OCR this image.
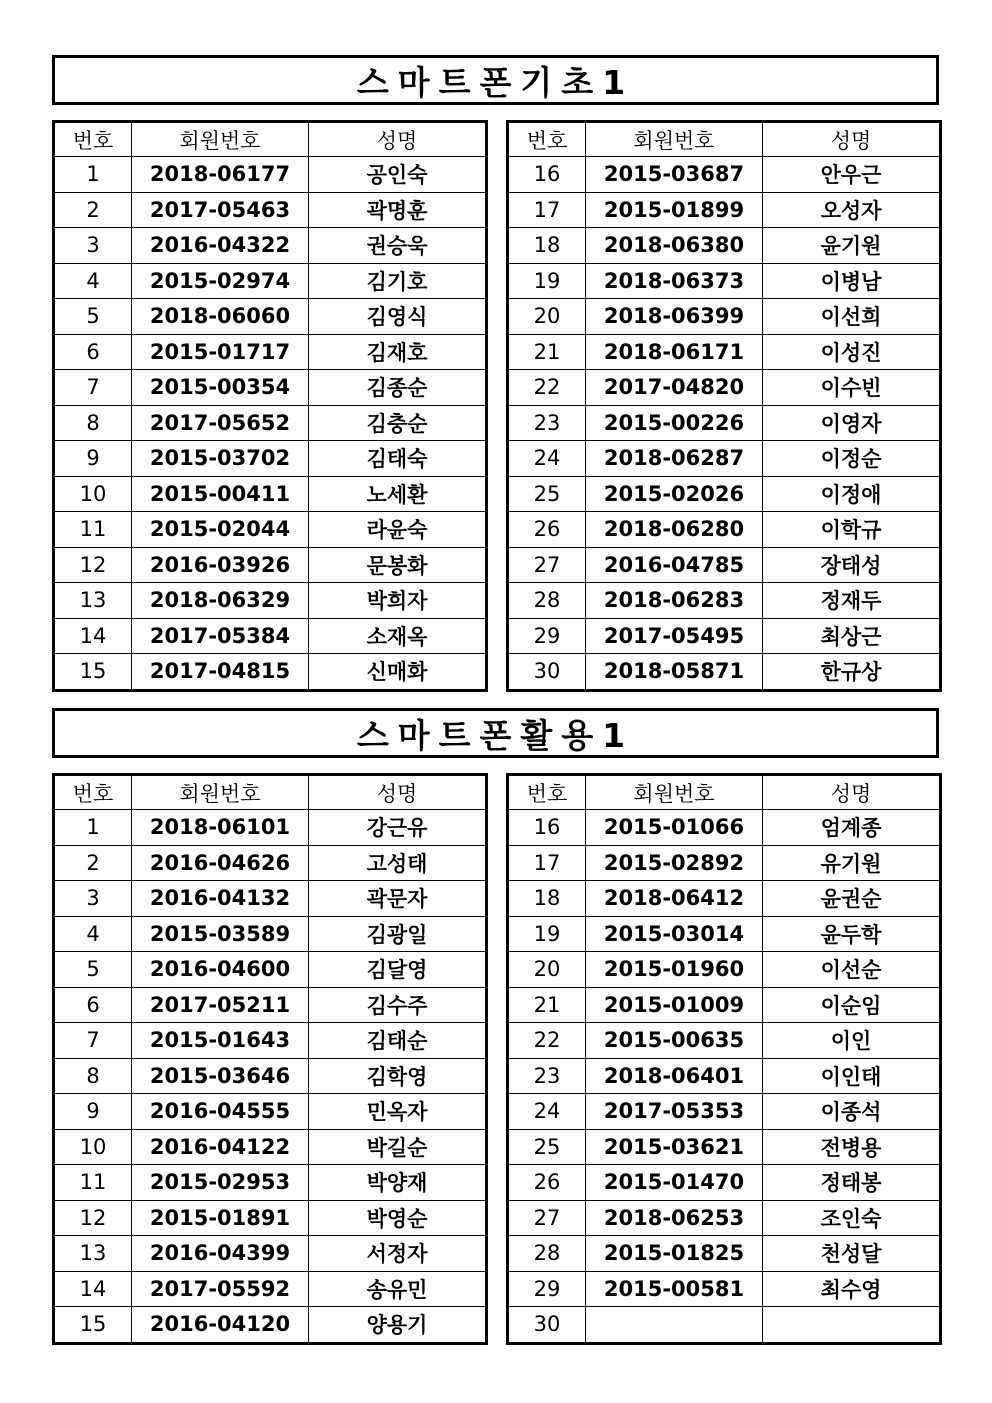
스마트폰기초1
번호	회원번호	성명
1	2018-06177	공인숙
2	2017-05463	곽명훈
3	2016-04322	권승욱
4	2015-02974	김기호
5	2018-06060	김영식
6	2015-01717	김재호
7	2015-00354	김종순
8	2017-05652	김충순
9	2015-03702	김태숙
10	2015-00411	노세환
11	2015-02044	라윤숙
12	2016-03926	문봉화
13	2018-06329	박희자
14	2017-05384	소재옥
15	2017-04815	신매화
번호	회원번호	성명
16	2015-03687	안우근
17	2015-01899	오성자
18	2018-06380	윤기원
19	2018-06373	이병남
20	2018-06399	이선희
21	2018-06171	이성진
22	2017-04820	이수빈
23	2015-00226	이영자
24	2018-06287	이정순
25	2015-02026	이정애
26	2018-06280	이학규
27	2016-04785	장태성
28	2018-06283	정재두
29	2017-05495	최상근
30	2018-05871	한규상
스마트폰활용1
번호	회원번호	성명
1	2018-06101	강근유
2	2016-04626	고성태
3	2016-04132	곽문자
4	2015-03589	김광일
5	2016-04600	김달영
6	2017-05211	김수주
7	2015-01643	김태순
8	2015-03646	김학영
9	2016-04555	민옥자
10	2016-04122	박길순
11	2015-02953	박양재
12	2015-01891	박영순
13	2016-04399	서정자
14	2017-05592	송유민
15	2016-04120	양용기
번호	회원번호	성명
16	2015-01066	엄계종
17	2015-02892	유기원
18	2018-06412	윤권순
19	2015-03014	윤두학
20	2015-01960	이선순
21	2015-01009	이순임
22	2015-00635	이인
23	2018-06401	이인태
24	2017-05353	이종석
25	2015-03621	전병용
26	2015-01470	정태봉
27	2018-06253	조인숙
28	2015-01825	천성달
29	2015-00581	최수영
30		
